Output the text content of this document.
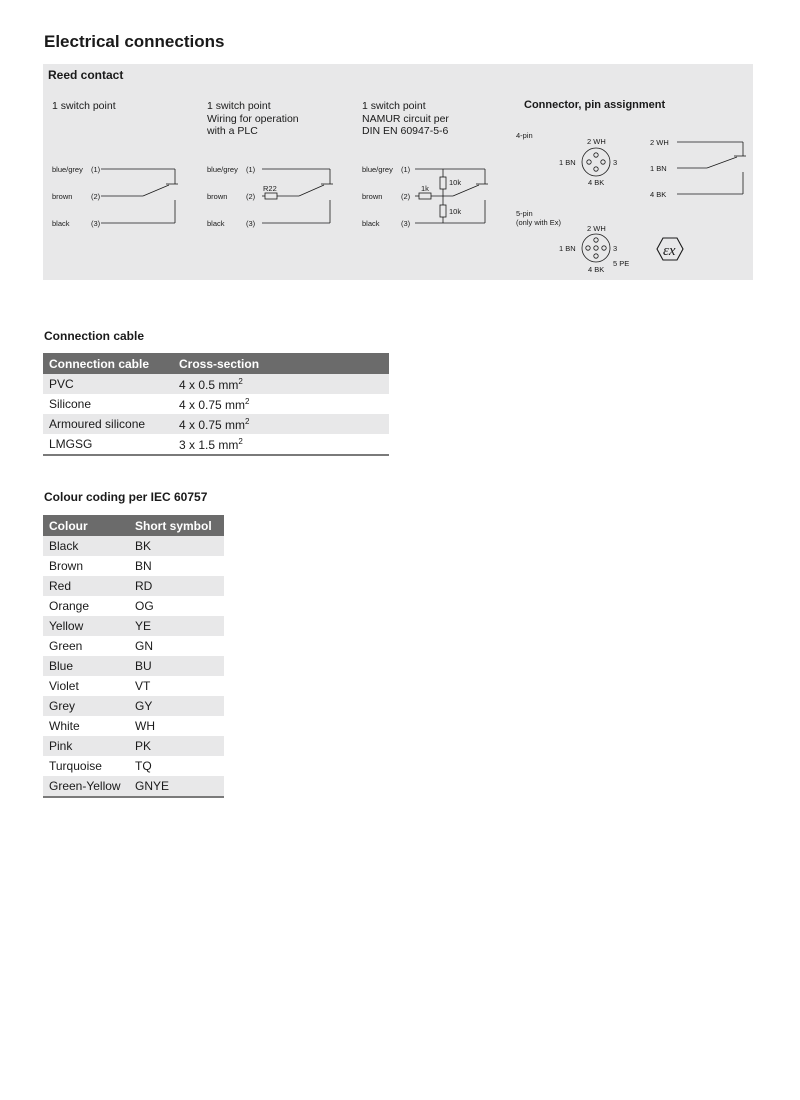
Electrical connections
Reed contact
1 switch point	1 switch point
Wiring for operation
with a PLC
1 switch point
NAMUR circuit per
DIN EN 60947-5-6
Connector, pin assignment
blue/grey (1)
brown (2)
black	(3)
blue/grey (1)
brown (2)
black	(3)
R22
blue/grey (1)
brown (2)
black	(3)
1k
10k
10k
4-pin
2 WH
1 BN	3
4 BK
2 WH
1 BN
4 BK
5-pin
(only with Ex)
2 WH
1 BN	3
5 PE
4 BK
εx
Connection cable
Connection cable	Cross-section
PVC	4 x 0.5 $mm^2$
Silicone	4 x 0.75 $mm^2$
Armoured silicone	4 x 0.75 $mm^2$
LMGSG	3 x 1.5 $mm^2$
Colour coding per IEC 60757
Colour	Short symbol
Black	BK
Brown	BN
Red	RD
Orange	OG
Yellow	YE
Green	GN
Blue	BU
Violet	VT
Grey	GY
White	WH
Pink	PK
Turquoise	TQ
Green-Yellow	GNYE
